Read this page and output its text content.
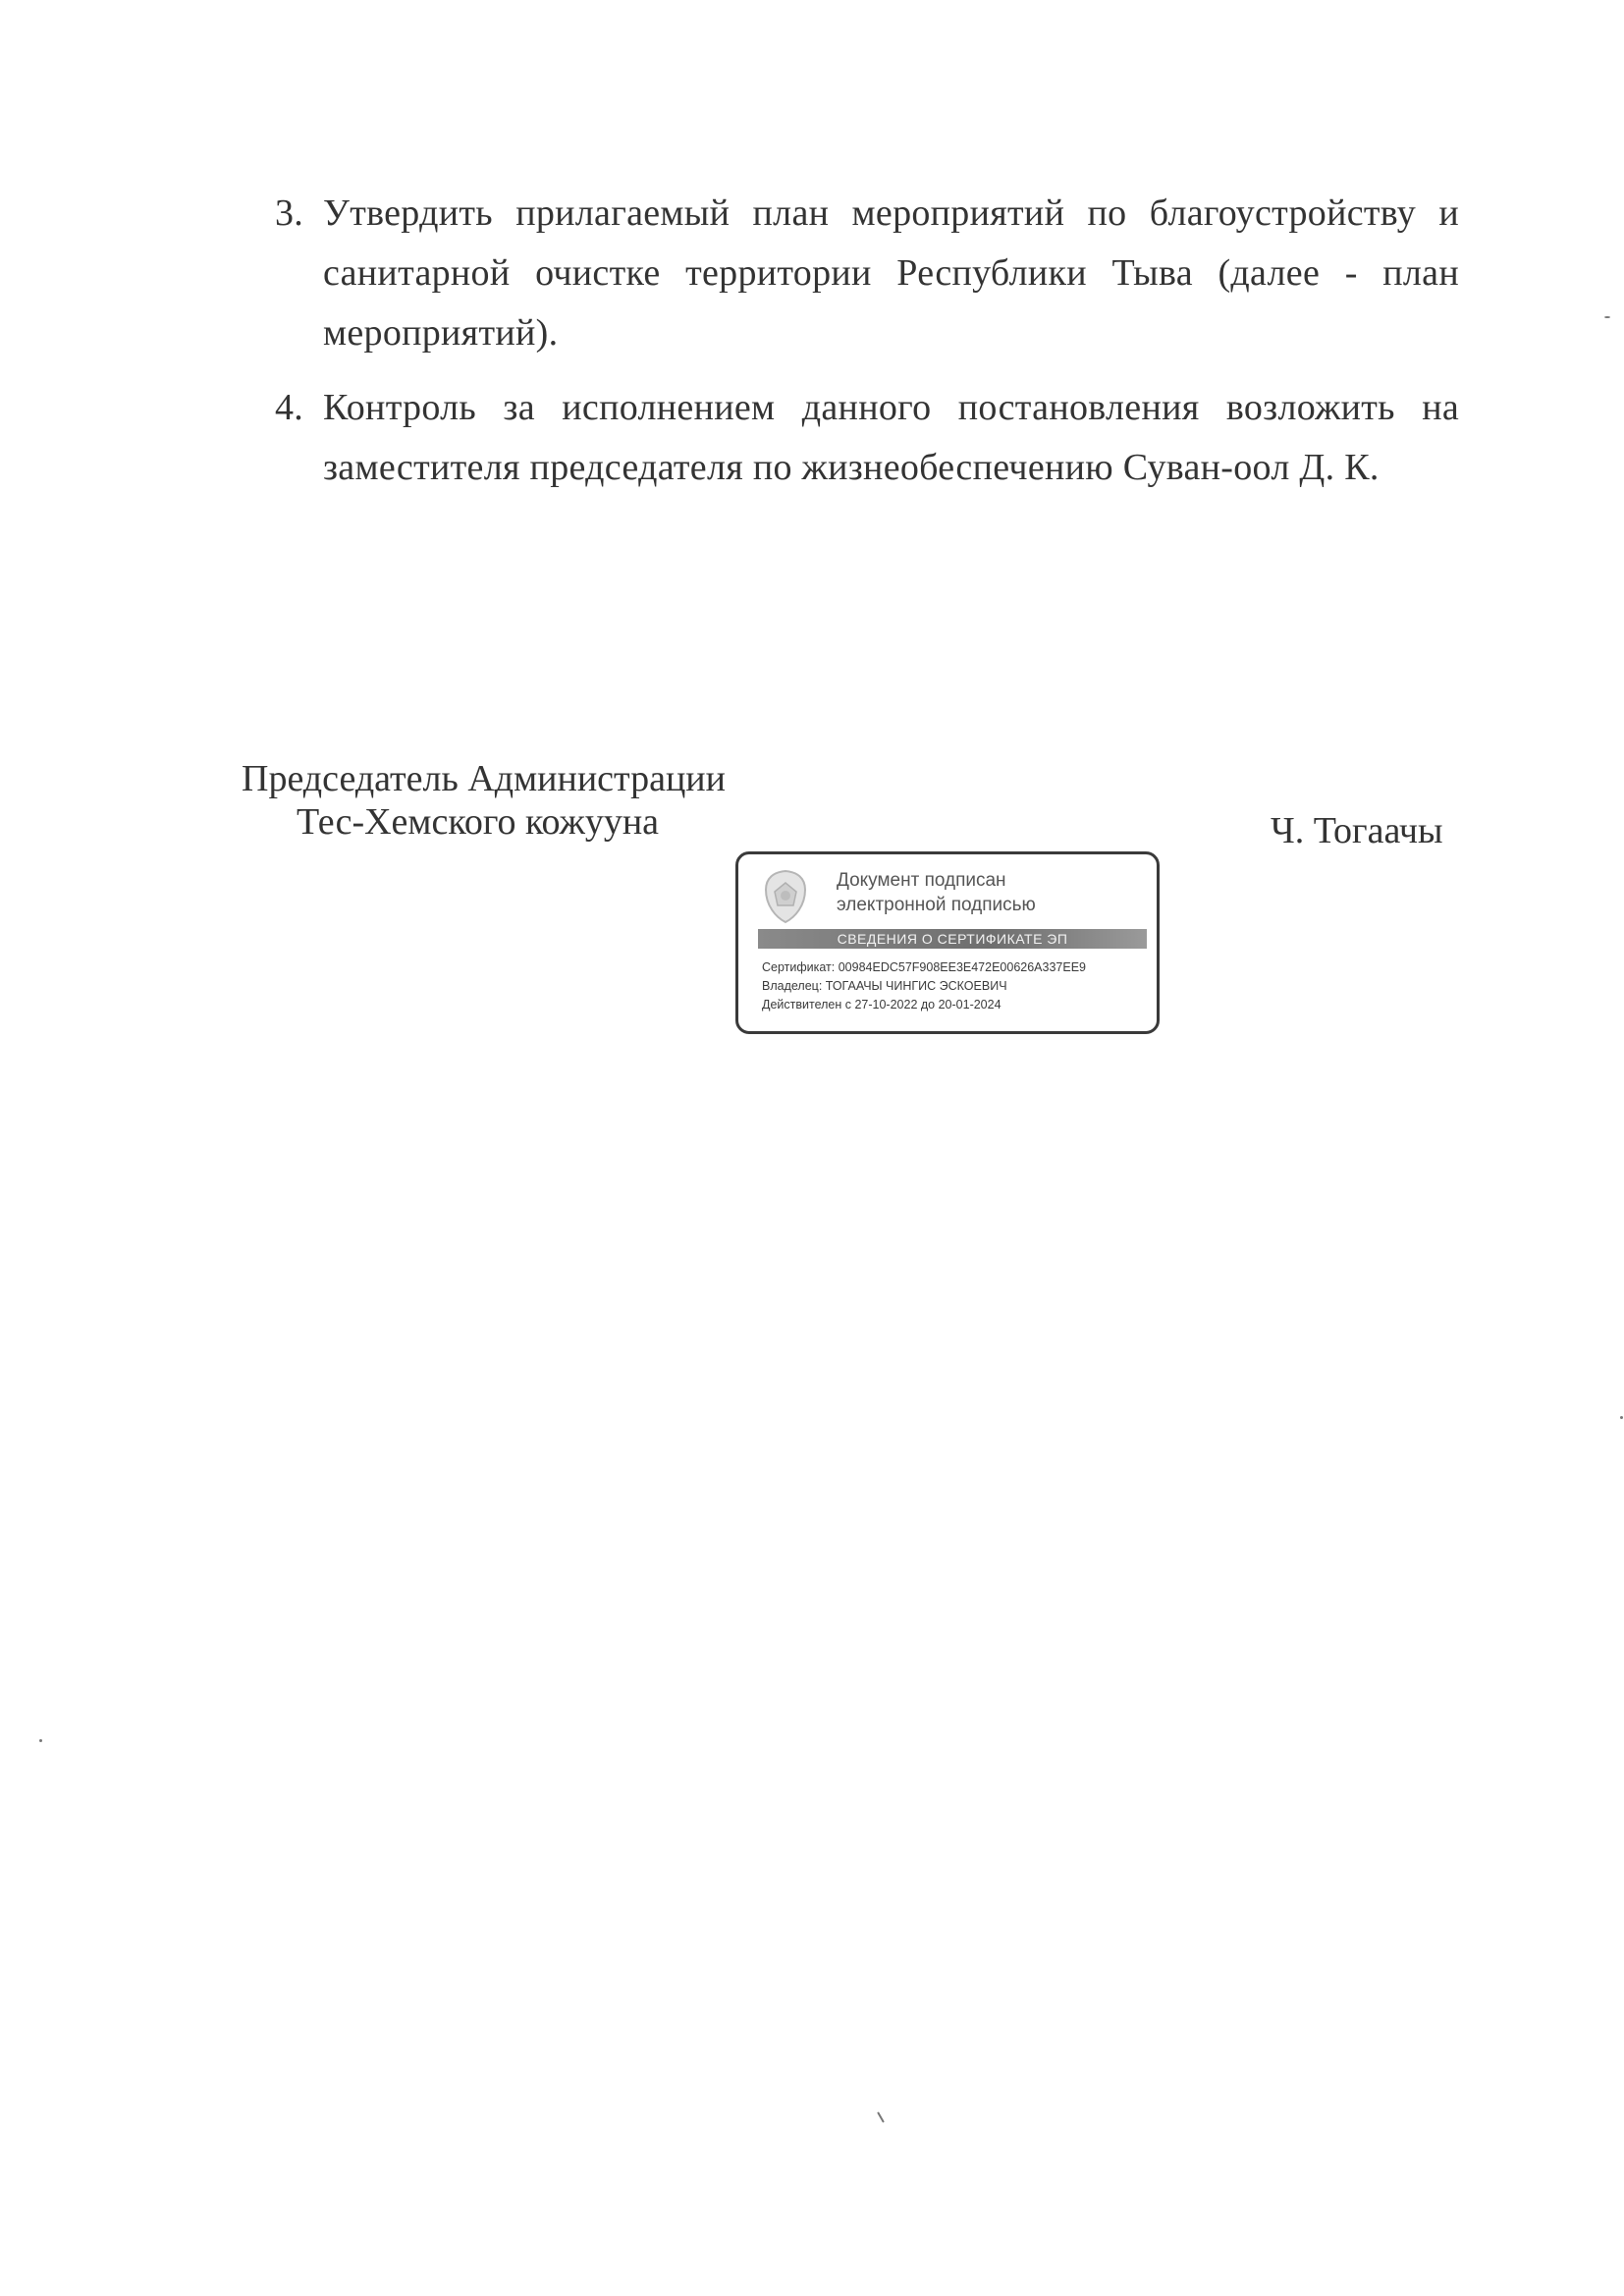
3. Утвердить прилагаемый план мероприятий по благоустройству и санитарной очистке территории Республики Тыва (далее - план мероприятий).
4. Контроль за исполнением данного постановления возложить на заместителя председателя по жизнеобеспечению Суван-оол Д. К.
Председатель Администрации
Тес-Хемского кожууна	Ч. Тогаачы
Документ подписан
электронной подписью
СВЕДЕНИЯ О СЕРТИФИКАТЕ ЭП
Сертификат: 00984EDC57F908EE3E472E00626A337EE9
Владелец: ТОГААЧЫ ЧИНГИС ЭСКОЕВИЧ
Действителен с 27-10-2022 до 20-01-2024
